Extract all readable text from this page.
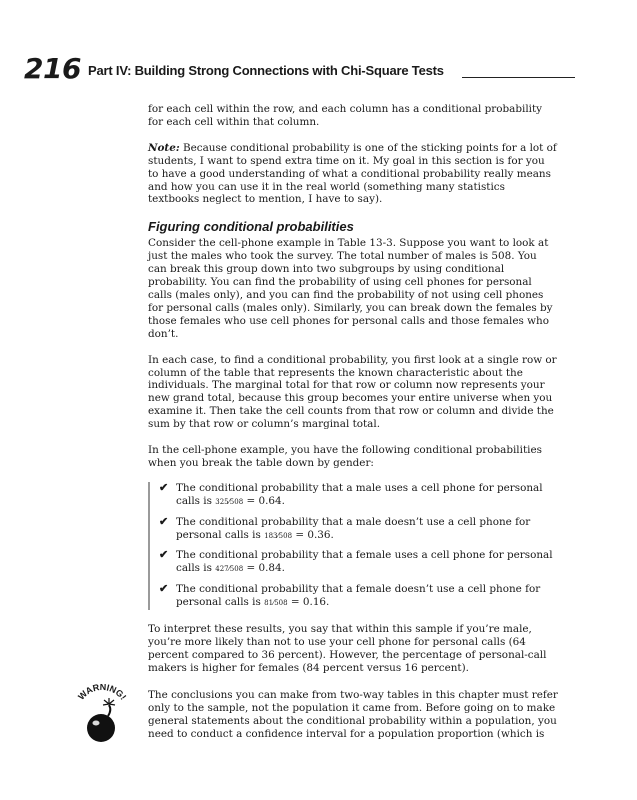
216 Part IV: Building Strong Connections with Chi-Square Tests

for each cell within the row, and each column has a conditional probability for each cell within that column.

Note: Because conditional probability is one of the sticking points for a lot of students, I want to spend extra time on it. My goal in this section is for you to have a good understanding of what a conditional probability really means and how you can use it in the real world (something many statistics textbooks neglect to mention, I have to say).

Figuring conditional probabilities

Consider the cell-phone example in Table 13-3. Suppose you want to look at just the males who took the survey. The total number of males is 508. You can break this group down into two subgroups by using conditional probability. You can find the probability of using cell phones for personal calls (males only), and you can find the probability of not using cell phones for personal calls (males only). Similarly, you can break down the females by those females who use cell phones for personal calls and those females who don’t.

In each case, to find a conditional probability, you first look at a single row or column of the table that represents the known characteristic about the individuals. The marginal total for that row or column now represents your new grand total, because this group becomes your entire universe when you examine it. Then take the cell counts from that row or column and divide the sum by that row or column’s marginal total.

In the cell-phone example, you have the following conditional probabilities when you break the table down by gender:

✔ The conditional probability that a male uses a cell phone for personal calls is 325⁄508 = 0.64.
✔ The conditional probability that a male doesn’t use a cell phone for personal calls is 183⁄508 = 0.36.
✔ The conditional probability that a female uses a cell phone for personal calls is 427⁄508 = 0.84.
✔ The conditional probability that a female doesn’t use a cell phone for personal calls is 81⁄508 = 0.16.

To interpret these results, you say that within this sample if you’re male, you’re more likely than not to use your cell phone for personal calls (64 percent compared to 36 percent). However, the percentage of personal-call makers is higher for females (84 percent versus 16 percent).

WARNING! The conclusions you can make from two-way tables in this chapter must refer only to the sample, not the population it came from. Before going on to make general statements about the conditional probability within a population, you need to conduct a confidence interval for a population proportion (which is
